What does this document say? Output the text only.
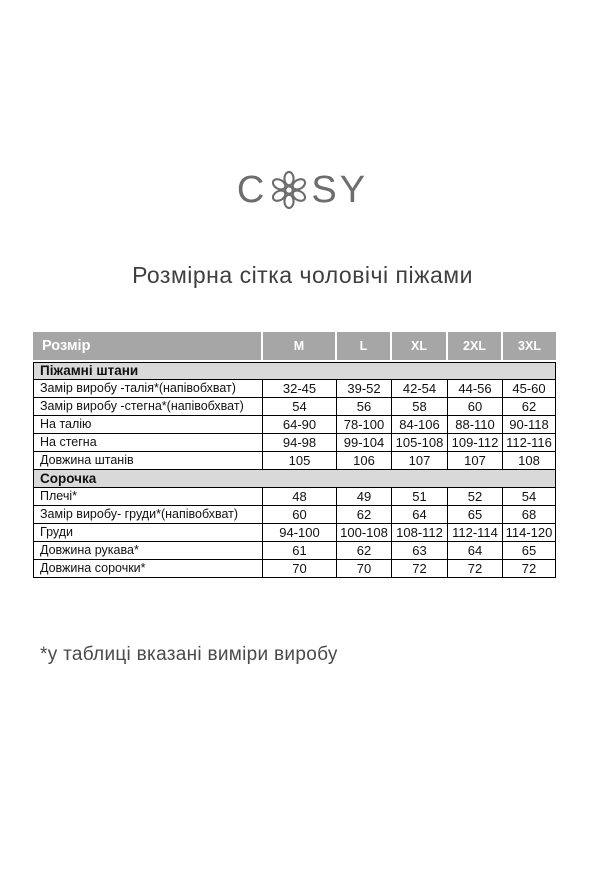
C SY
Розмірна сітка чоловічі піжами
Розмір	M	L	XL	2XL	3XL
Піжамні штани					
Замір виробу -талія*(напівобхват)	32-45	39-52	42-54	44-56	45-60
Замір виробу -стегна*(напівобхват)	54	56	58	60	62
На талію	64-90	78-100	84-106	88-110	90-118
На стегна	94-98	99-104	105-108	109-112	112-116
Довжина штанів	105	106	107	107	108
Сорочка					
Плечі*	48	49	51	52	54
Замір виробу- груди*(напівобхват)	60	62	64	65	68
Груди	94-100	100-108	108-112	112-114	114-120
Довжина рукава*	61	62	63	64	65
Довжина сорочки*	70	70	72	72	72
*у таблиці вказані виміри виробу
